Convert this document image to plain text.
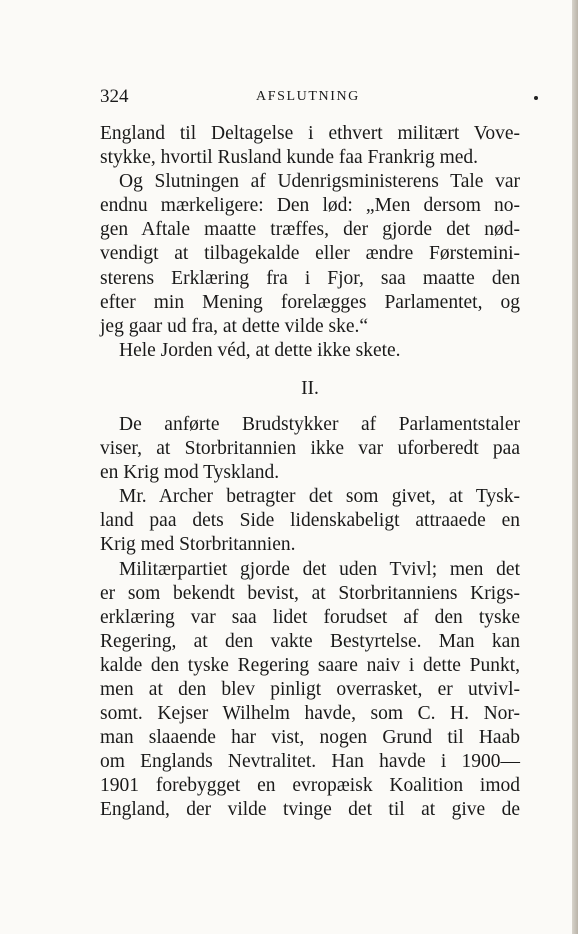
324	AFSLUTNING
England til Deltagelse i ethvert militært Vove-
stykke, hvortil Rusland kunde faa Frankrig med.
Og Slutningen af Udenrigsministerens Tale var
endnu mærkeligere: Den lød: „Men dersom no-
gen Aftale maatte træffes, der gjorde det nød-
vendigt at tilbagekalde eller ændre Førstemini-
sterens Erklæring fra i Fjor, saa maatte den
efter min Mening forelægges Parlamentet, og
jeg gaar ud fra, at dette vilde ske.“
Hele Jorden véd, at dette ikke skete.
II.
De anførte Brudstykker af Parlamentstaler
viser, at Storbritannien ikke var uforberedt paa
en Krig mod Tyskland.
Mr. Archer betragter det som givet, at Tysk-
land paa dets Side lidenskabeligt attraaede en
Krig med Storbritannien.
Militærpartiet gjorde det uden Tvivl; men det
er som bekendt bevist, at Storbritanniens Krigs-
erklæring var saa lidet forudset af den tyske
Regering, at den vakte Bestyrtelse. Man kan
kalde den tyske Regering saare naiv i dette Punkt,
men at den blev pinligt overrasket, er utvivl-
somt. Kejser Wilhelm havde, som C. H. Nor-
man slaaende har vist, nogen Grund til Haab
om Englands Nevtralitet. Han havde i 1900—
1901 forebygget en evropæisk Koalition imod
England, der vilde tvinge det til at give de
